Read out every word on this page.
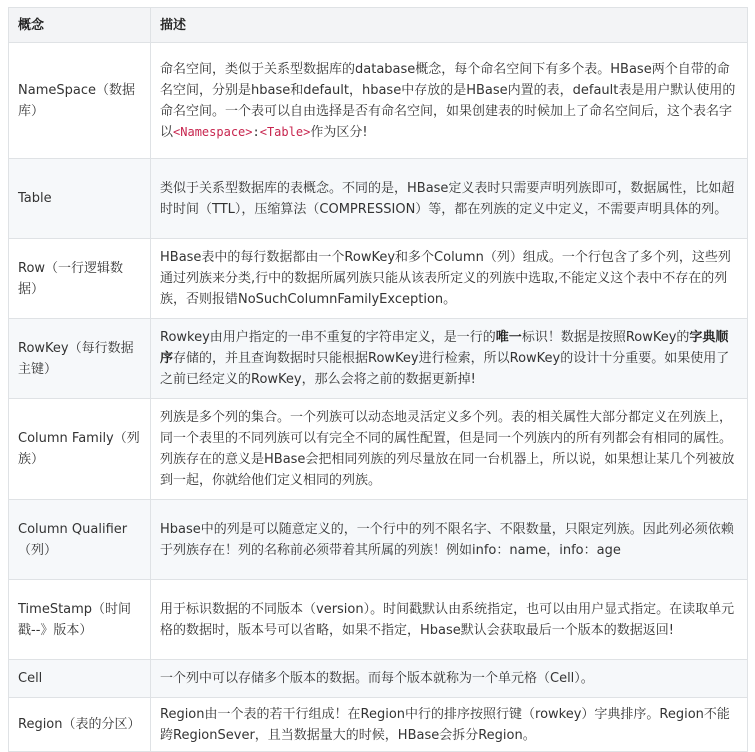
概念	描述
NameSpace（数据库）	命名空间，类似于关系型数据库的database概念，每个命名空间下有多个表。HBase两个自带的命名空间，分别是hbase和default，hbase中存放的是HBase内置的表，default表是用户默认使用的命名空间。一个表可以自由选择是否有命名空间，如果创建表的时候加上了命名空间后，这个表名字以<Namespace>:<Table>作为区分!
Table	类似于关系型数据库的表概念。不同的是，HBase定义表时只需要声明列族即可，数据属性，比如超时时间（TTL），压缩算法（COMPRESSION）等，都在列族的定义中定义，不需要声明具体的列。
Row（一行逻辑数据）	HBase表中的每行数据都由一个RowKey和多个Column（列）组成。一个行包含了多个列，这些列通过列族来分类,行中的数据所属列族只能从该表所定义的列族中选取,不能定义这个表中不存在的列族，否则报错NoSuchColumnFamilyException。
RowKey（每行数据主键）	Rowkey由用户指定的一串不重复的字符串定义，是一行的唯一标识！数据是按照RowKey的字典顺序存储的，并且查询数据时只能根据RowKey进行检索，所以RowKey的设计十分重要。如果使用了之前已经定义的RowKey，那么会将之前的数据更新掉!
Column Family（列族）	列族是多个列的集合。一个列族可以动态地灵活定义多个列。表的相关属性大部分都定义在列族上，同一个表里的不同列族可以有完全不同的属性配置，但是同一个列族内的所有列都会有相同的属性。列族存在的意义是HBase会把相同列族的列尽量放在同一台机器上，所以说，如果想让某几个列被放到一起，你就给他们定义相同的列族。
Column Qualifier（列）	Hbase中的列是可以随意定义的，一个行中的列不限名字、不限数量，只限定列族。因此列必须依赖于列族存在！列的名称前必须带着其所属的列族！例如info：name，info：age
TimeStamp（时间戳--》版本）	用于标识数据的不同版本（version）。时间戳默认由系统指定，也可以由用户显式指定。在读取单元格的数据时，版本号可以省略，如果不指定，Hbase默认会获取最后一个版本的数据返回!
Cell	一个列中可以存储多个版本的数据。而每个版本就称为一个单元格（Cell）。
Region（表的分区）	Region由一个表的若干行组成！在Region中行的排序按照行键（rowkey）字典排序。Region不能跨RegionSever，且当数据量大的时候，HBase会拆分Region。
